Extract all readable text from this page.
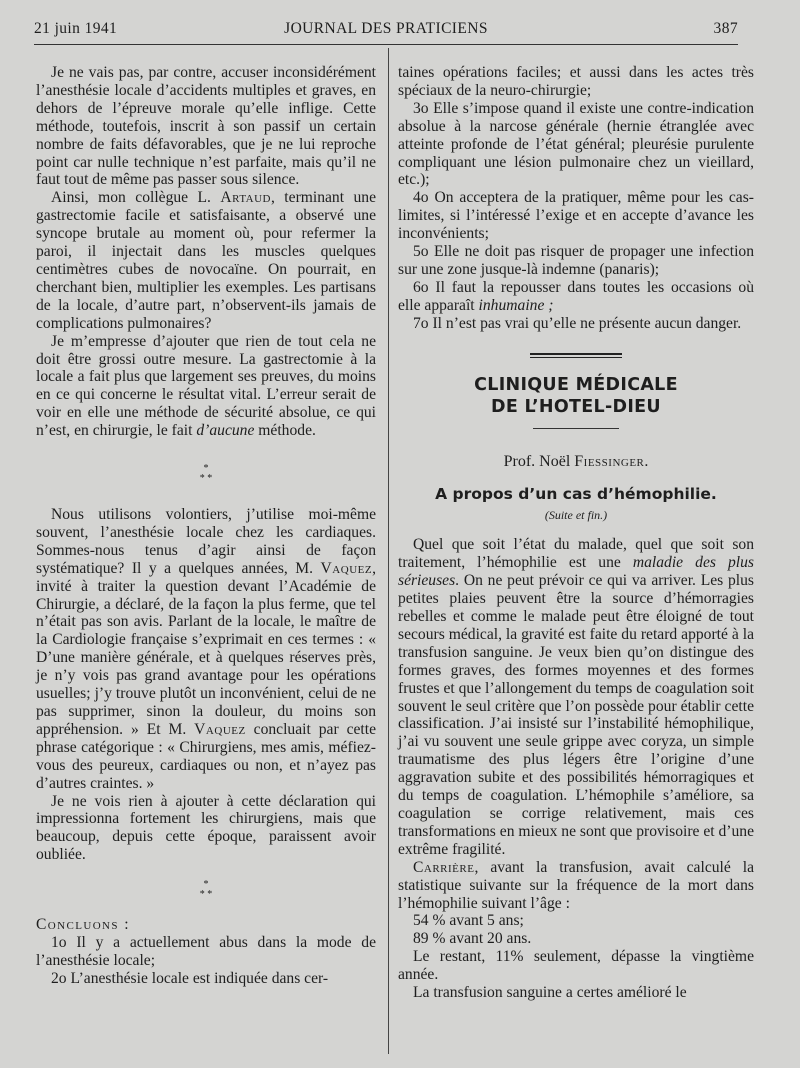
21 juin 1941	JOURNAL DES PRATICIENS	387

Je ne vais pas, par contre, accuser inconsidérément l’anesthésie locale d’accidents multiples et graves, en dehors de l’épreuve morale qu’elle inflige. Cette méthode, toutefois, inscrit à son passif un certain nombre de faits défavorables, que je ne lui reproche point car nulle technique n’est parfaite, mais qu’il ne faut tout de même pas passer sous silence.

Ainsi, mon collègue L. Artaud, terminant une gastrectomie facile et satisfaisante, a observé une syncope brutale au moment où, pour refermer la paroi, il injectait dans les muscles quelques centimètres cubes de novocaïne. On pourrait, en cherchant bien, multiplier les exemples. Les partisans de la locale, d’autre part, n’observent-ils jamais de complications pulmonaires?

Je m’empresse d’ajouter que rien de tout cela ne doit être grossi outre mesure. La gastrectomie à la locale a fait plus que largement ses preuves, du moins en ce qui concerne le résultat vital. L’erreur serait de voir en elle une méthode de sécurité absolue, ce qui n’est, en chirurgie, le fait d’aucune méthode.

*
* *

Nous utilisons volontiers, j’utilise moi-même souvent, l’anesthésie locale chez les cardiaques. Sommes-nous tenus d’agir ainsi de façon systématique? Il y a quelques années, M. Vaquez, invité à traiter la question devant l’Académie de Chirurgie, a déclaré, de la façon la plus ferme, que tel n’était pas son avis. Parlant de la locale, le maître de la Cardiologie française s’exprimait en ces termes : « D’une manière générale, et à quelques réserves près, je n’y vois pas grand avantage pour les opérations usuelles; j’y trouve plutôt un inconvénient, celui de ne pas supprimer, sinon la douleur, du moins son appréhension. » Et M. Vaquez concluait par cette phrase catégorique : « Chirurgiens, mes amis, méfiez-vous des peureux, cardiaques ou non, et n’ayez pas d’autres craintes. »

Je ne vois rien à ajouter à cette déclaration qui impressionna fortement les chirurgiens, mais que beaucoup, depuis cette époque, paraissent avoir oubliée.

*
* *

Concluons :

1o Il y a actuellement abus dans la mode de l’anesthésie locale;

2o L’anesthésie locale est indiquée dans cer-

taines opérations faciles; et aussi dans les actes très spéciaux de la neuro-chirurgie;

3o Elle s’impose quand il existe une contre-indication absolue à la narcose générale (hernie étranglée avec atteinte profonde de l’état général; pleurésie purulente compliquant une lésion pulmonaire chez un vieillard, etc.);

4o On acceptera de la pratiquer, même pour les cas-limites, si l’intéressé l’exige et en accepte d’avance les inconvénients;

5o Elle ne doit pas risquer de propager une infection sur une zone jusque-là indemne (panaris);

6o Il faut la repousser dans toutes les occasions où elle apparaît inhumaine ;

7o Il n’est pas vrai qu’elle ne présente aucun danger.

CLINIQUE MÉDICALE
DE L’HOTEL-DIEU
Prof. Noël Fiessinger.
A propos d’un cas d’hémophilie.
(Suite et fin.)

Quel que soit l’état du malade, quel que soit son traitement, l’hémophilie est une maladie des plus sérieuses. On ne peut prévoir ce qui va arriver. Les plus petites plaies peuvent être la source d’hémorragies rebelles et comme le malade peut être éloigné de tout secours médical, la gravité est faite du retard apporté à la transfusion sanguine. Je veux bien qu’on distingue des formes graves, des formes moyennes et des formes frustes et que l’allongement du temps de coagulation soit souvent le seul critère que l’on possède pour établir cette classification. J’ai insisté sur l’instabilité hémophilique, j’ai vu souvent une seule grippe avec coryza, un simple traumatisme des plus légers être l’origine d’une aggravation subite et des possibilités hémorragiques et du temps de coagulation. L’hémophile s’améliore, sa coagulation se corrige relativement, mais ces transformations en mieux ne sont que provisoire et d’une extrême fragilité.

Carrière, avant la transfusion, avait calculé la statistique suivante sur la fréquence de la mort dans l’hémophilie suivant l’âge :

54 % avant 5 ans;

89 % avant 20 ans.

Le restant, 11% seulement, dépasse la vingtième année.

La transfusion sanguine a certes amélioré le
